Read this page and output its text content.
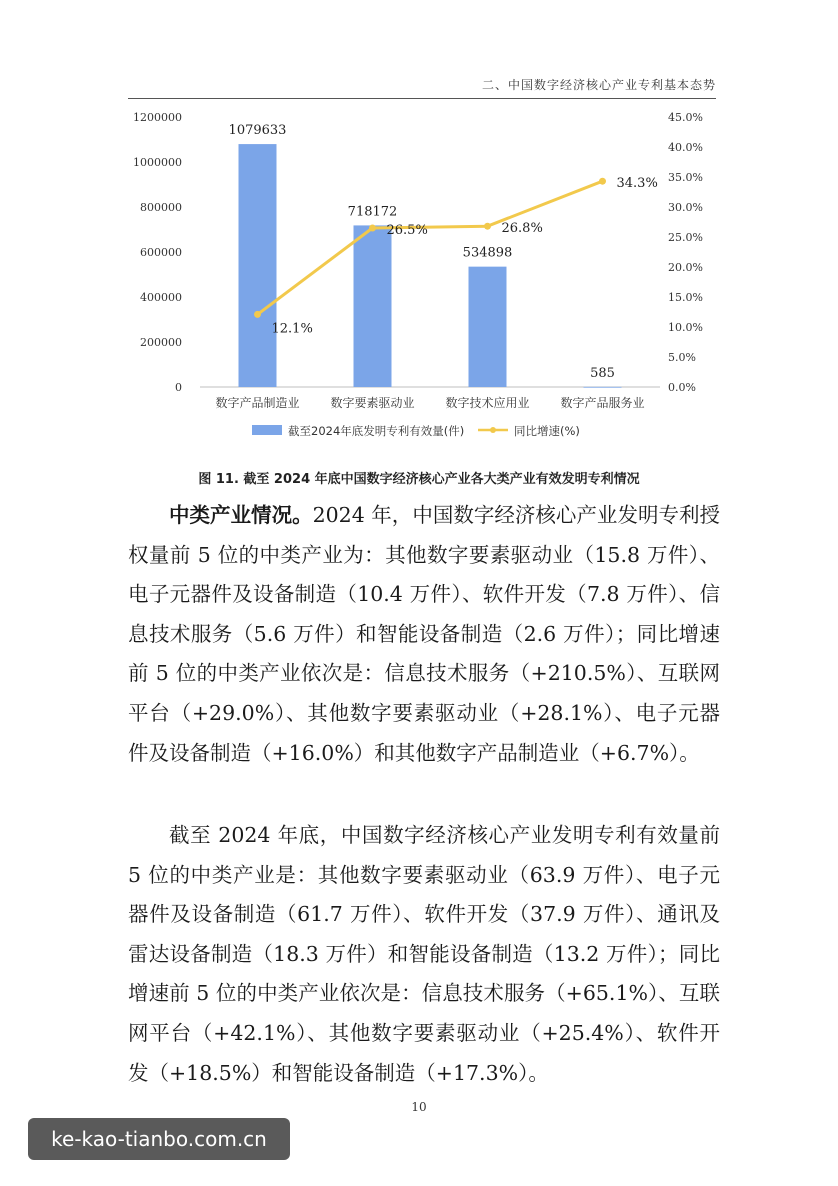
二、中国数字经济核心产业专利基本态势
0
200000
400000
600000
800000
1000000
1200000
0.0%
5.0%
10.0%
15.0%
20.0%
25.0%
30.0%
35.0%
40.0%
45.0%
数字产品制造业	数字要素驱动业	数字技术应用业	数字产品服务业
1079633
718172
534898
585
12.1%
26.5%	26.8%
34.3%
截至2024年底发明专利有效量(件)	同比增速(%)
图 11. 截至 2024 年底中国数字经济核心产业各大类产业有效发明专利情况

中类产业情况。2024 年，中国数字经济核心产业发明专利授权量前 5 位的中类产业为：其他数字要素驱动业（15.8 万件）、电子元器件及设备制造（10.4 万件）、软件开发（7.8 万件）、信息技术服务（5.6 万件）和智能设备制造（2.6 万件）；同比增速前 5 位的中类产业依次是：信息技术服务（+210.5%）、互联网平台（+29.0%）、其他数字要素驱动业（+28.1%）、电子元器件及设备制造（+16.0%）和其他数字产品制造业（+6.7%）。

截至 2024 年底，中国数字经济核心产业发明专利有效量前 5 位的中类产业是：其他数字要素驱动业（63.9 万件）、电子元器件及设备制造（61.7 万件）、软件开发（37.9 万件）、通讯及雷达设备制造（18.3 万件）和智能设备制造（13.2 万件）；同比增速前 5 位的中类产业依次是：信息技术服务（+65.1%）、互联网平台（+42.1%）、其他数字要素驱动业（+25.4%）、软件开发（+18.5%）和智能设备制造（+17.3%）。

10
ke-kao-tianbo.com.cn
